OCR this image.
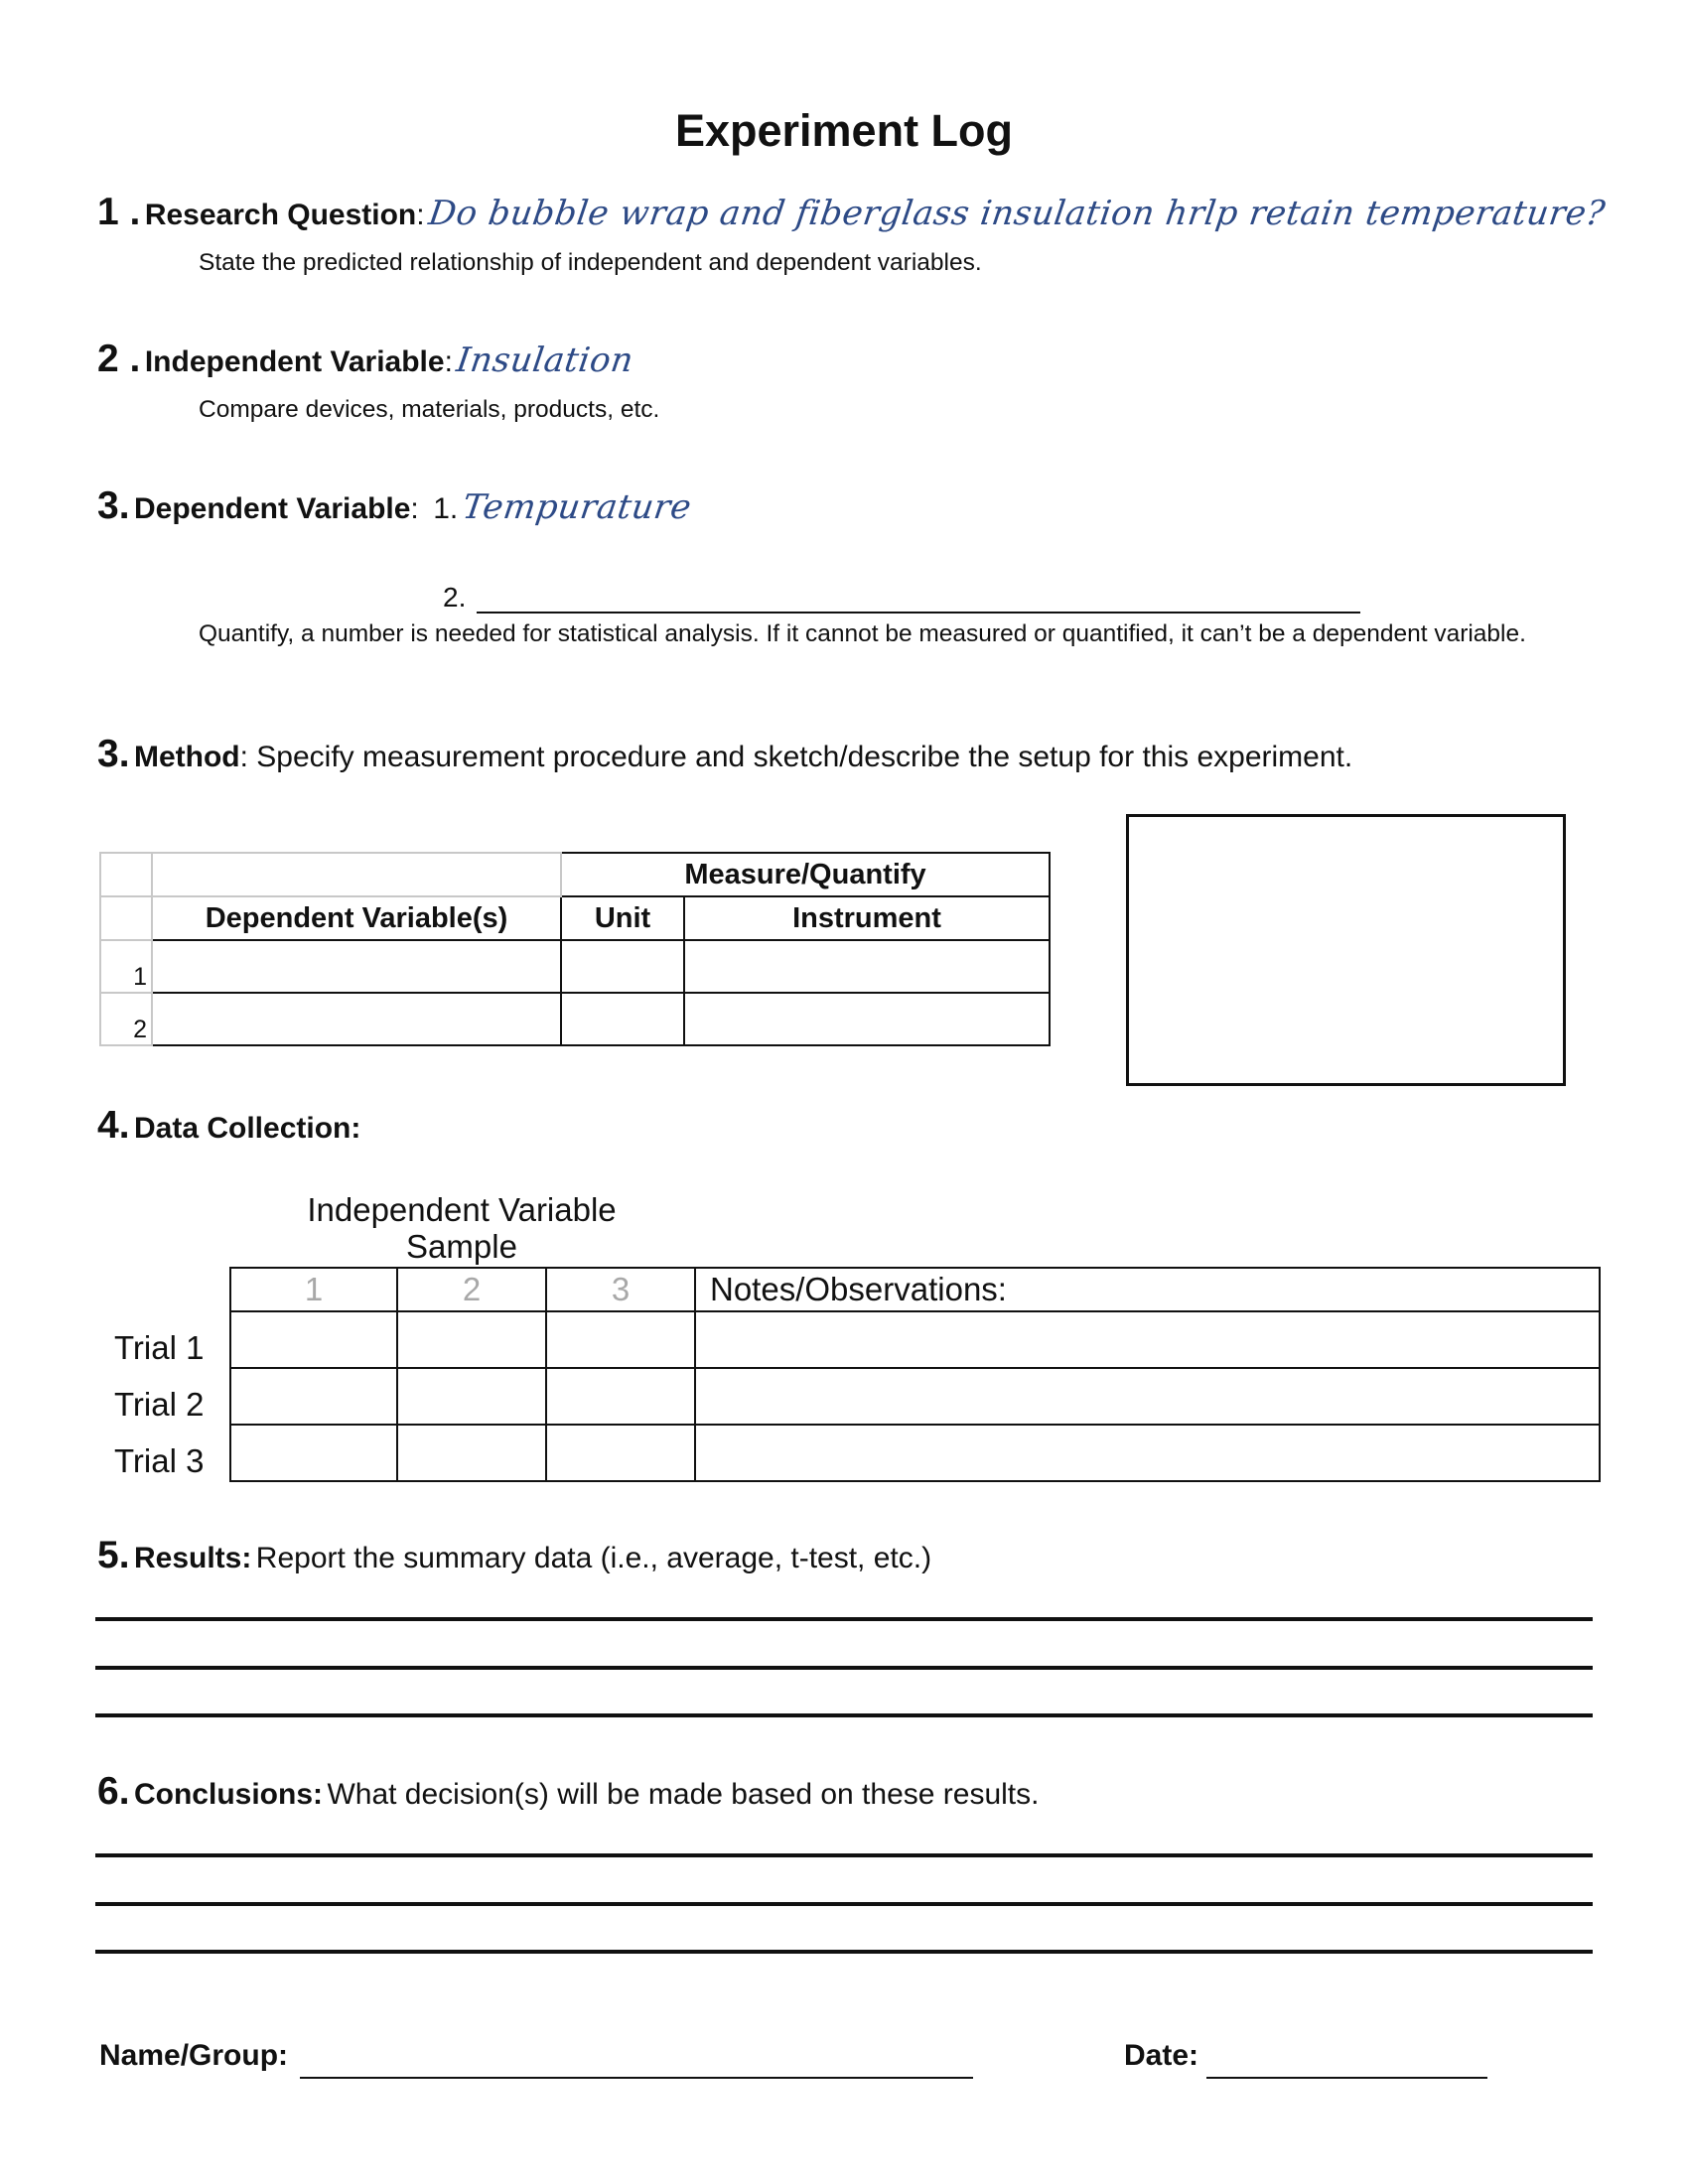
Experiment Log
1 . Research Question: Do bubble wrap and fiberglass insulation hrlp retain temperature?
State the predicted relationship of independent and dependent variables.
2 . Independent Variable: Insulation
Compare devices, materials, products, etc.
3. Dependent Variable: 1. Tempurature
2.
Quantify, a number is needed for statistical analysis. If it cannot be measured or quantified, it can’t be a dependent variable.
3. Method: Specify measurement procedure and sketch/describe the setup for this experiment.
		Measure/Quantify	
	Dependent Variable(s)	Unit	Instrument
1			
2			
4. Data Collection:
Independent Variable
Sample
1	2	3	Notes/Observations:

Trial 1
Trial 2
Trial 3
5. Results: Report the summary data (i.e., average, t-test, etc.)
6. Conclusions: What decision(s) will be made based on these results.
Name/Group:	Date:
